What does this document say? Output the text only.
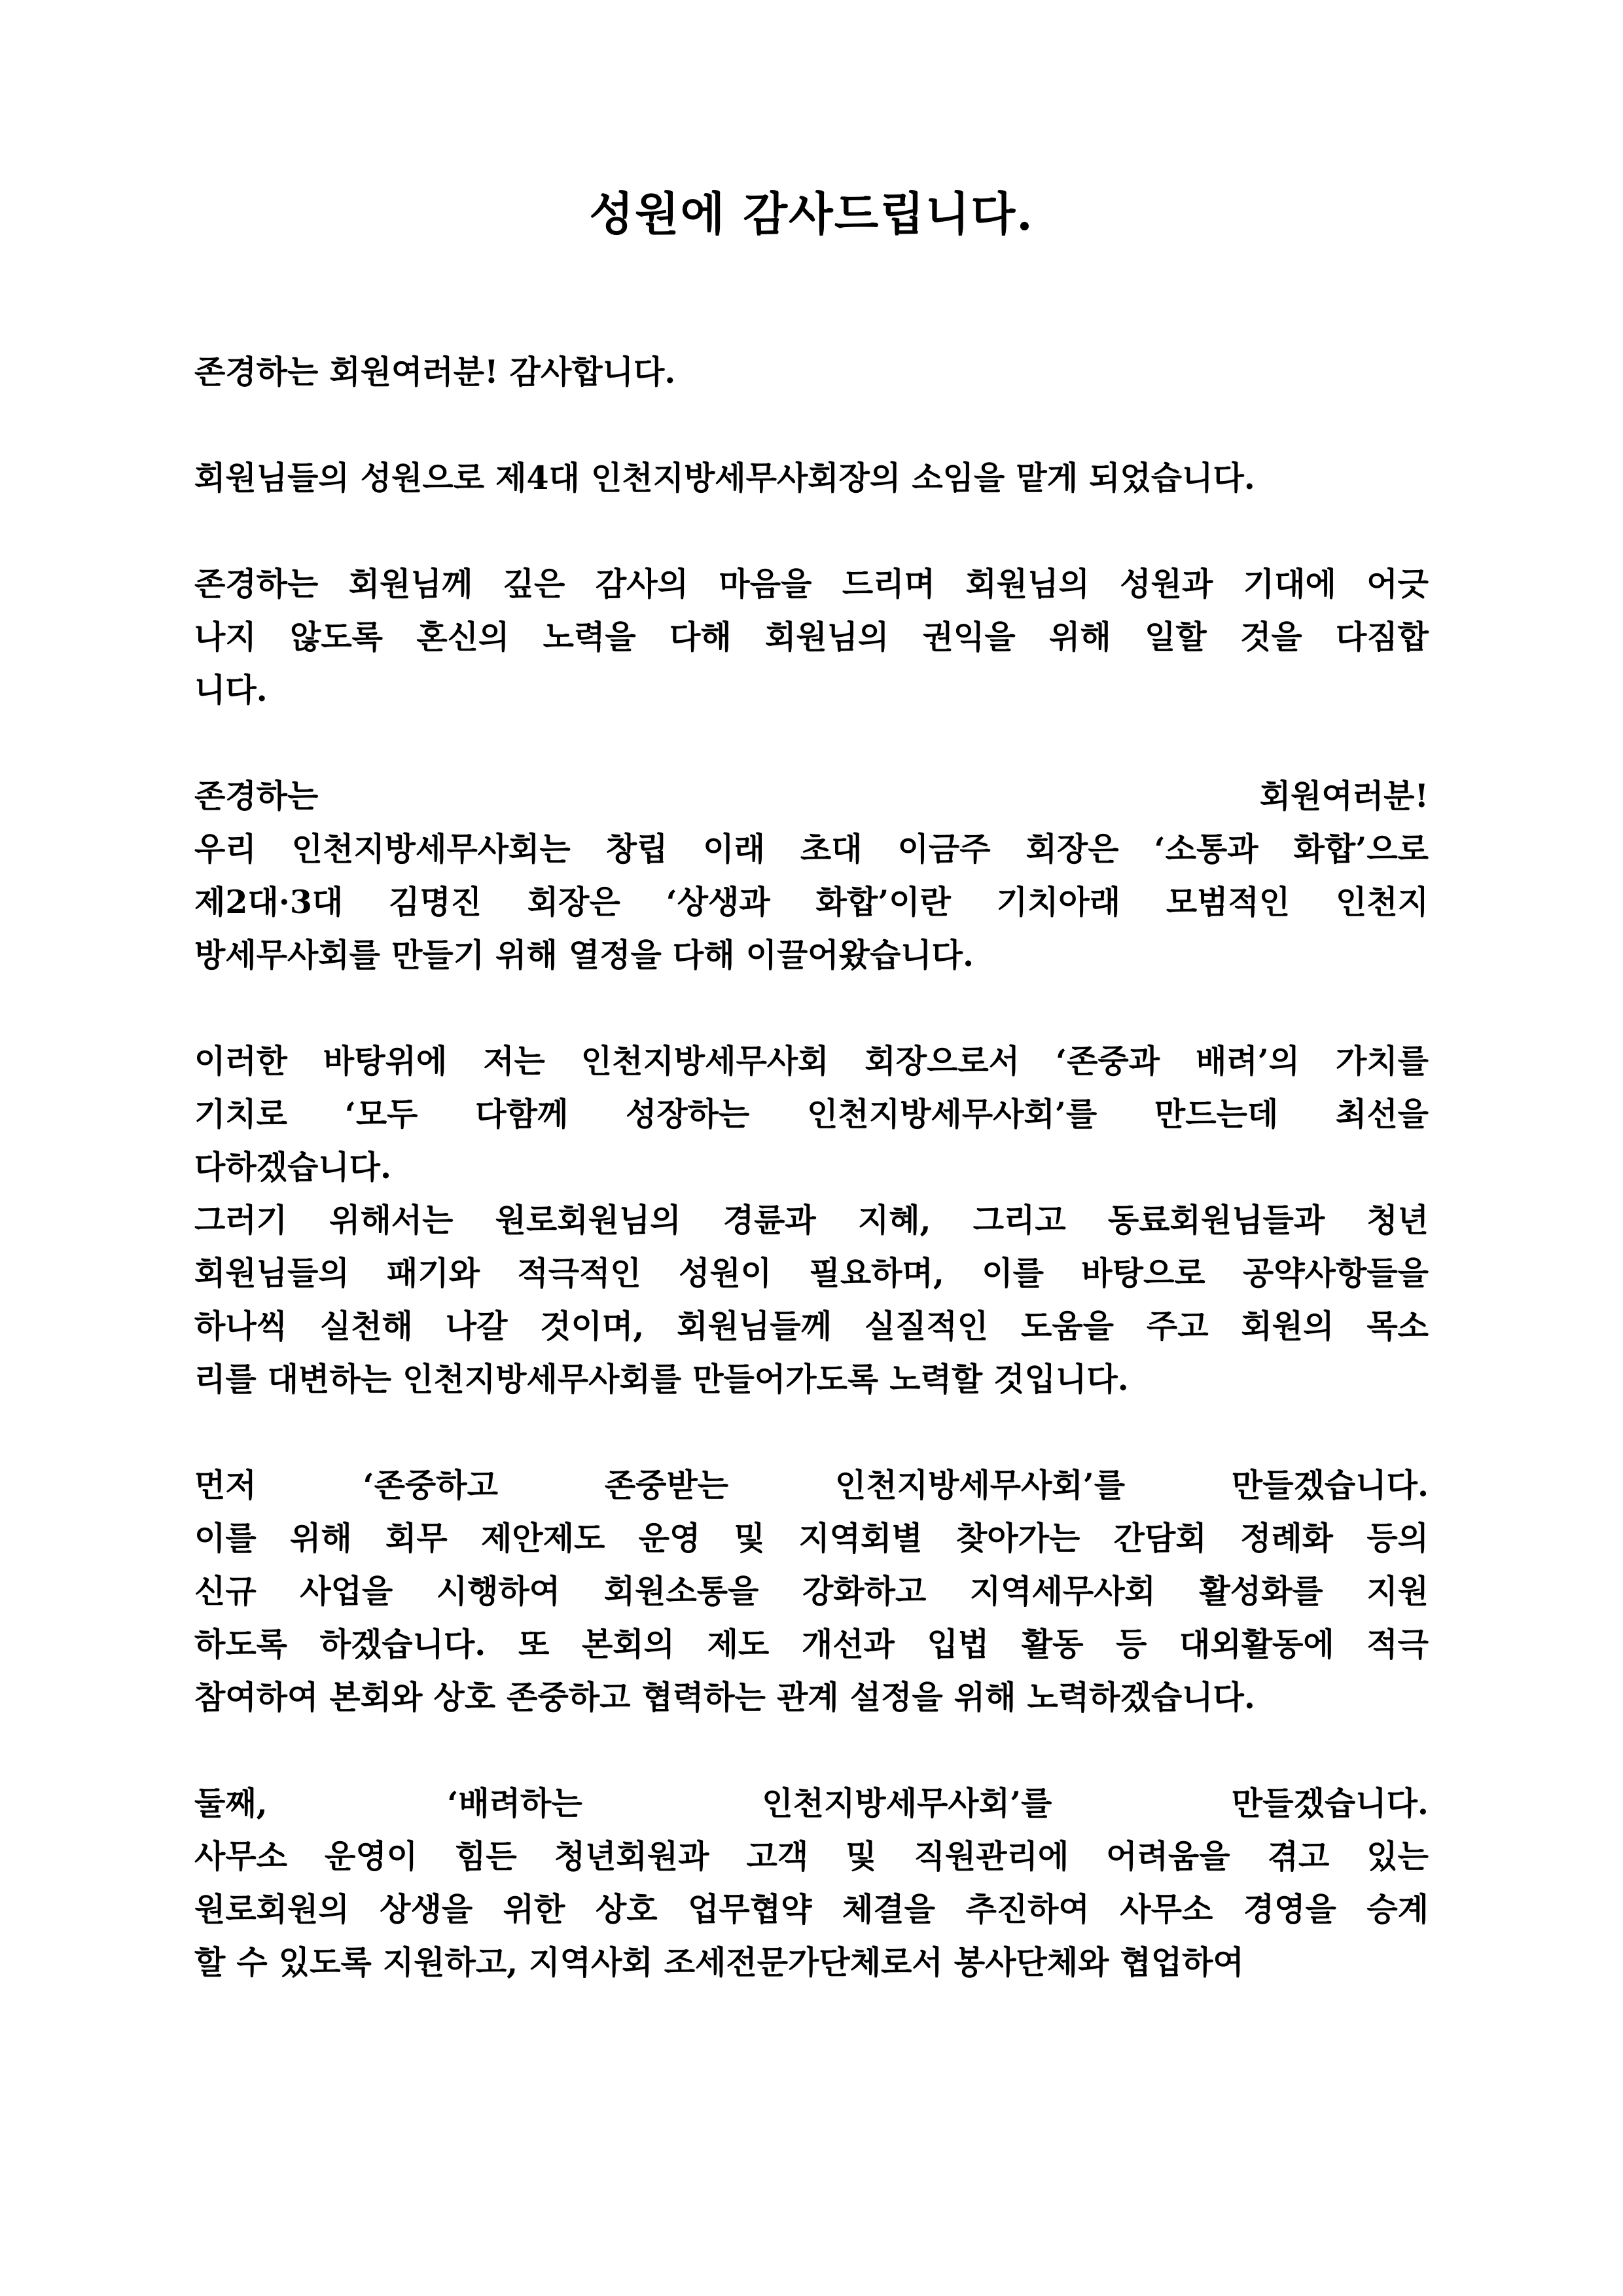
성원에 감사드립니다.
존경하는 회원여러분! 감사합니다.
회원님들의 성원으로 제4대 인천지방세무사회장의 소임을 맡게 되었습니다.
존경하는 회원님께 깊은 감사의 마음을 드리며 회원님의 성원과 기대에 어긋
나지 않도록 혼신의 노력을 다해 회원님의 권익을 위해 일할 것을 다짐합
니다.
존경하는 회원여러분!
우리 인천지방세무사회는 창립 이래 초대 이금주 회장은 ‘소통과 화합’으로
제2대·3대 김명진 회장은 ‘상생과 화합’이란 기치아래 모범적인 인천지
방세무사회를 만들기 위해 열정을 다해 이끌어왔습니다.
이러한 바탕위에 저는 인천지방세무사회 회장으로서 ‘존중과 배려’의 가치를
기치로 ‘모두 다함께 성장하는 인천지방세무사회’를 만드는데 최선을
다하겠습니다.
그러기 위해서는 원로회원님의 경륜과 지혜, 그리고 동료회원님들과 청년
회원님들의 패기와 적극적인 성원이 필요하며, 이를 바탕으로 공약사항들을
하나씩 실천해 나갈 것이며, 회원님들께 실질적인 도움을 주고 회원의 목소
리를 대변하는 인천지방세무사회를 만들어가도록 노력할 것입니다.
먼저 ‘존중하고 존중받는 인천지방세무사회’를 만들겠습니다.
이를 위해 회무 제안제도 운영 및 지역회별 찾아가는 간담회 정례화 등의
신규 사업을 시행하여 회원소통을 강화하고 지역세무사회 활성화를 지원
하도록 하겠습니다. 또 본회의 제도 개선과 입법 활동 등 대외활동에 적극
참여하여 본회와 상호 존중하고 협력하는 관계 설정을 위해 노력하겠습니다.
둘째, ‘배려하는 인천지방세무사회’를 만들겠습니다.
사무소 운영이 힘든 청년회원과 고객 및 직원관리에 어려움을 겪고 있는
원로회원의 상생을 위한 상호 업무협약 체결을 추진하여 사무소 경영을 승계
할 수 있도록 지원하고, 지역사회 조세전문가단체로서 봉사단체와 협업하여
